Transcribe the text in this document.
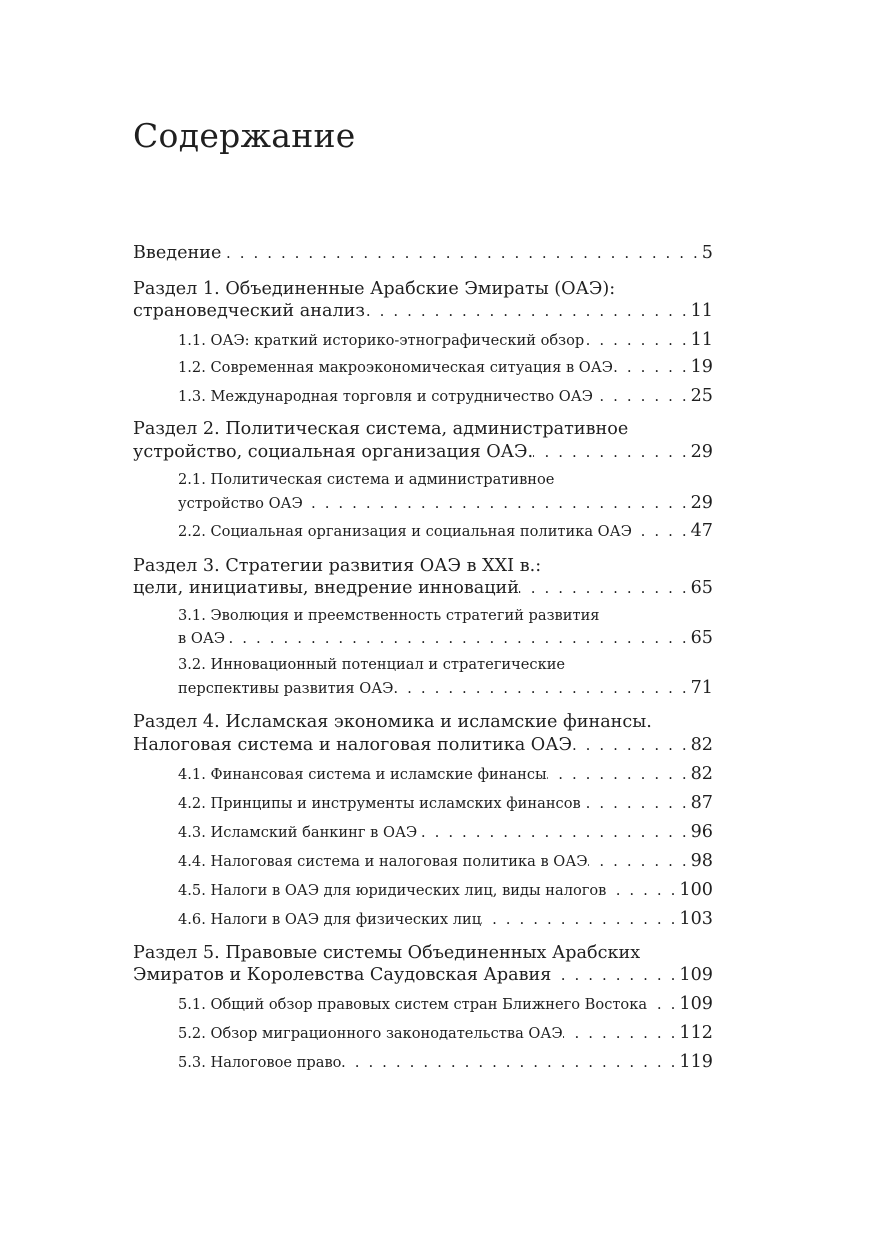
Содержание
Введение . . .	5
Раздел 1. Объединенные Арабские Эмираты (ОАЭ):
страноведческий анализ . . .	11
1.1. ОАЭ: краткий историко-этнографический обзор . . .	11
1.2. Современная макроэкономическая ситуация в ОАЭ . . .	19
1.3. Международная торговля и сотрудничество ОАЭ . . .	25
Раздел 2. Политическая система, административное
устройство, социальная организация ОАЭ. . . .	29
2.1. Политическая система и административное
устройство ОАЭ . . .	29
2.2. Социальная организация и социальная политика ОАЭ . . .	47
Раздел 3. Стратегии развития ОАЭ в XXI в.:
цели, инициативы, внедрение инноваций . . .	65
3.1. Эволюция и преемственность стратегий развития
в ОАЭ . . .	65
3.2. Инновационный потенциал и стратегические
перспективы развития ОАЭ . . .	71
Раздел 4. Исламская экономика и исламские финансы.
Налоговая система и налоговая политика ОАЭ . . .	82
4.1. Финансовая система и исламские финансы . . .	82
4.2. Принципы и инструменты исламских финансов . . .	87
4.3. Исламский банкинг в ОАЭ . . .	96
4.4. Налоговая система и налоговая политика в ОАЭ . . .	98
4.5. Налоги в ОАЭ для юридических лиц, виды налогов . . .	100
4.6. Налоги в ОАЭ для физических лиц . . .	103
Раздел 5. Правовые системы Объединенных Арабских
Эмиратов и Королевства Саудовская Аравия . . .	109
5.1. Общий обзор правовых систем стран Ближнего Востока . . . 109
5.2. Обзор миграционного законодательства ОАЭ . . .	112
5.3. Налоговое право . . .	119
